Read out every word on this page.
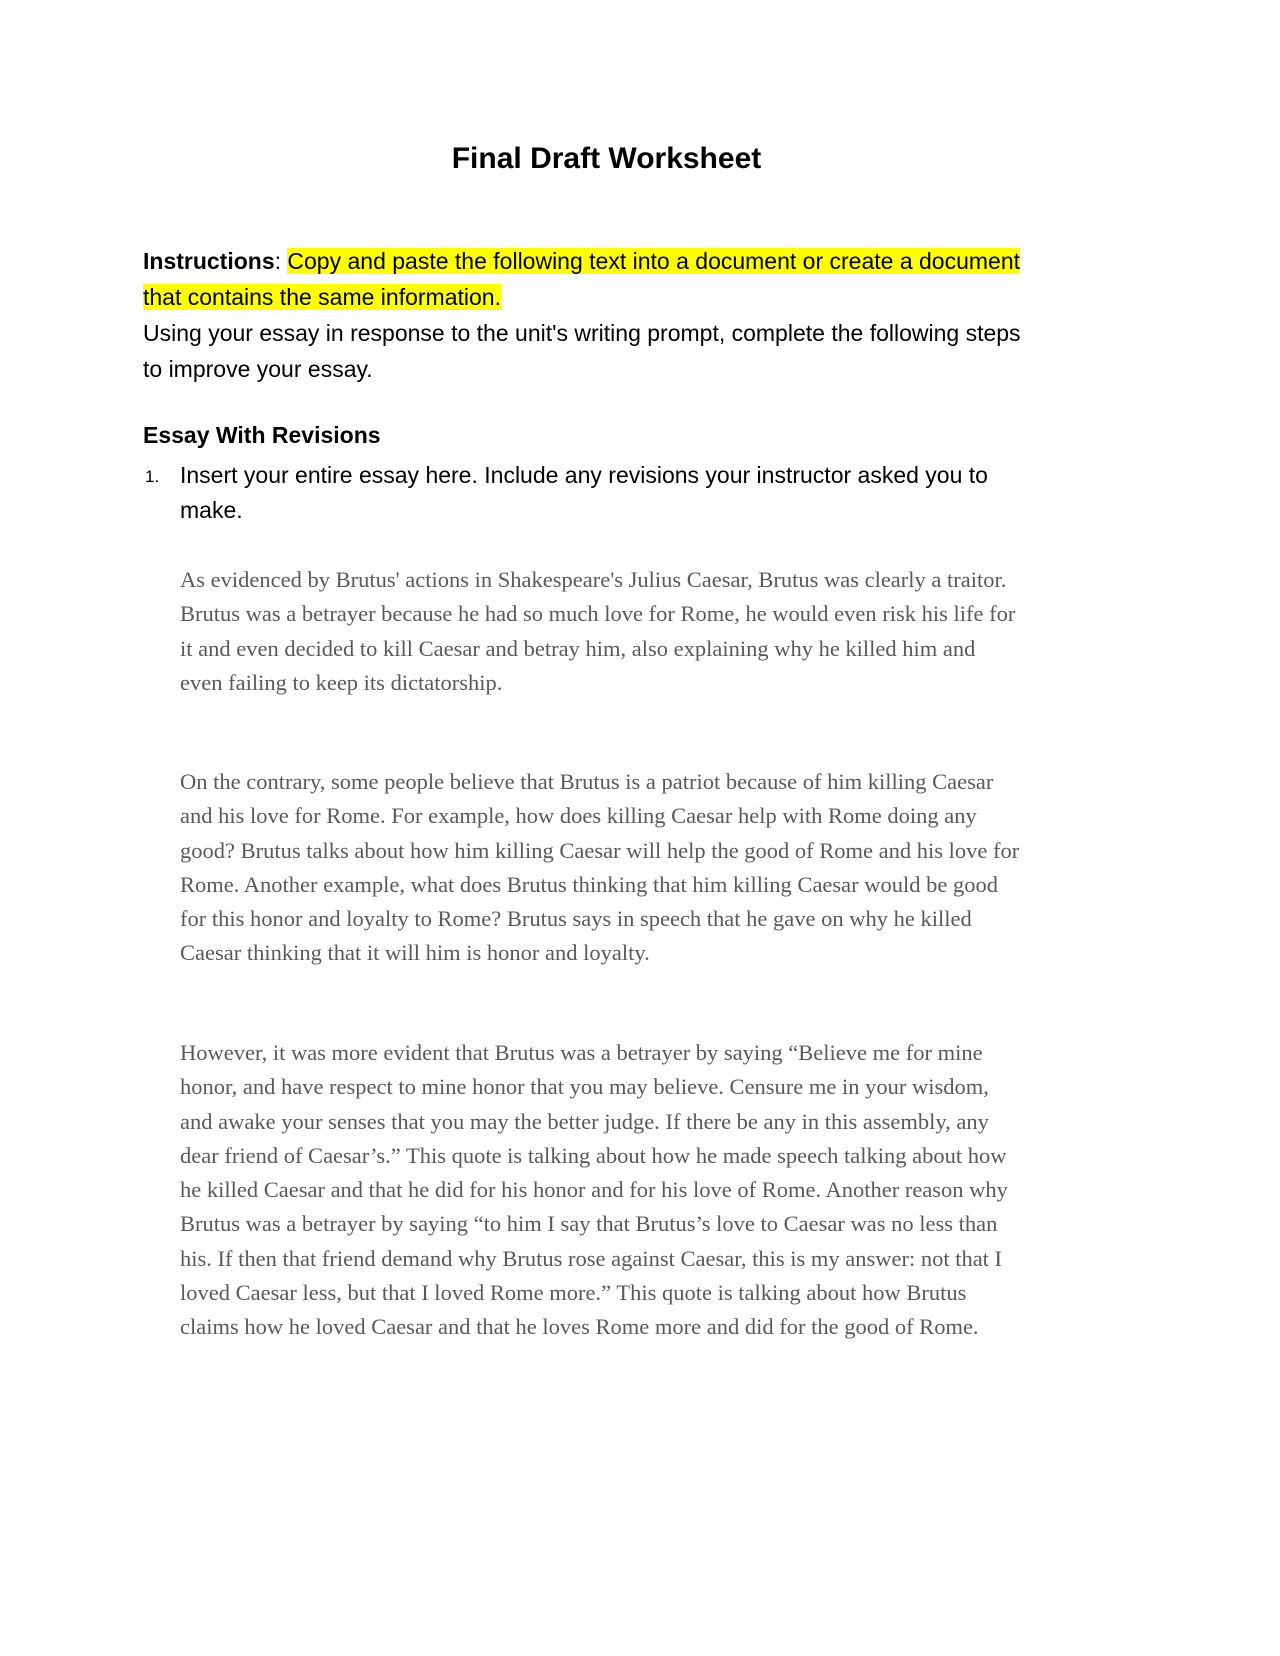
Final Draft Worksheet
Instructions: Copy and paste the following text into a document or create a document
that contains the same information.
Using your essay in response to the unit's writing prompt, complete the following steps
to improve your essay.
Essay With Revisions
1. Insert your entire essay here. Include any revisions your instructor asked you to
make.
As evidenced by Brutus' actions in Shakespeare's Julius Caesar, Brutus was clearly a traitor.
Brutus was a betrayer because he had so much love for Rome, he would even risk his life for
it and even decided to kill Caesar and betray him, also explaining why he killed him and
even failing to keep its dictatorship.
On the contrary, some people believe that Brutus is a patriot because of him killing Caesar
and his love for Rome. For example, how does killing Caesar help with Rome doing any
good? Brutus talks about how him killing Caesar will help the good of Rome and his love for
Rome. Another example, what does Brutus thinking that him killing Caesar would be good
for this honor and loyalty to Rome? Brutus says in speech that he gave on why he killed
Caesar thinking that it will him is honor and loyalty.
However, it was more evident that Brutus was a betrayer by saying “Believe me for mine
honor, and have respect to mine honor that you may believe. Censure me in your wisdom,
and awake your senses that you may the better judge. If there be any in this assembly, any
dear friend of Caesar’s.” This quote is talking about how he made speech talking about how
he killed Caesar and that he did for his honor and for his love of Rome. Another reason why
Brutus was a betrayer by saying “to him I say that Brutus’s love to Caesar was no less than
his. If then that friend demand why Brutus rose against Caesar, this is my answer: not that I
loved Caesar less, but that I loved Rome more.” This quote is talking about how Brutus
claims how he loved Caesar and that he loves Rome more and did for the good of Rome.
